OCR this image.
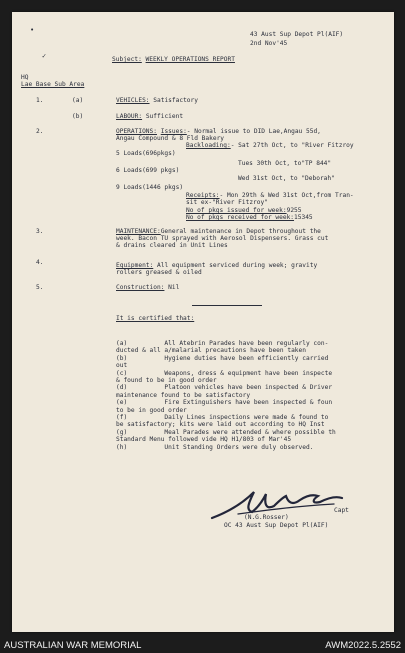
•
✓
43 Aust Sup Depot Pl(AIF)
2nd Nov'45
Subject: WEEKLY OPERATIONS REPORT
HQ
Lae Base Sub Area
1.	(a)	VEHICLES: Satisfactory
(b)	LABOUR: Sufficient
2.	OPERATIONS: Issues:- Normal issue to DID Lae,Angau 55d,
Angau Compound & 8 Fld Bakery
Backloading:- Sat 27th Oct, to "River Fitzroy
5 Loads(696pkgs)
Tues 30th Oct, to"TP 844"
6 Loads(699 pkgs)
Wed 31st Oct, to "Deborah"
9 Loads(1446 pkgs)
Receipts:- Mon 29th & Wed 31st Oct,from Tran-
sit ex-"River Fitzroy"
No of pkgs issued for week:9255
No of pkgs received for week:15345
3.	MAINTENANCE:General maintenance in Depot throughout the
week. Bacon TU sprayed with Aerosol Dispensers. Grass cut
& drains cleared in Unit Lines
4.	Equipment: All equipment serviced during week; gravity
rollers greased & oiled
5.	Construction: Nil
It is certified that:
(a)          All Atebrin Parades have been regularly con-
ducted & all a/malarial precautions have been taken
(b)          Hygiene duties have been efficiently carried
out
(c)          Weapons, dress & equipment have been inspecte
& found to be in good order
(d)          Platoon vehicles have been inspected & Driver
maintenance found to be satisfactory
(e)          Fire Extinguishers have been inspected & foun
to be in good order
(f)          Daily Lines inspections were made & found to
be satisfactory; kits were laid out according to HQ Inst
(g)          Meal Parades were attended & where possible th
Standard Menu followed vide HQ H1/803 of Mar'45
(h)          Unit Standing Orders were duly observed.
Capt
(N.G.Rosser)
OC 43 Aust Sup Depot Pl(AIF)
AUSTRALIAN WAR MEMORIAL	AWM2022.5.2552
